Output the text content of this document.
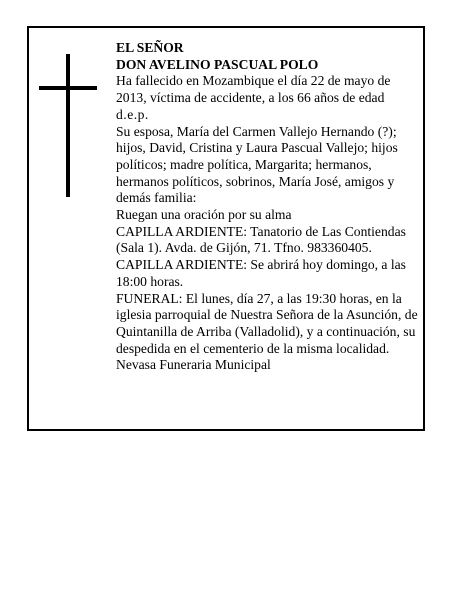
EL SEÑOR

DON AVELINO PASCUAL POLO

Ha fallecido en Mozambique el día 22 de mayo de 2013, víctima de accidente, a los 66 años de edad

d.e.p.

Su esposa, María del Carmen Vallejo Hernando (?); hijos, David, Cristina y Laura Pascual Vallejo; hijos políticos; madre política, Margarita; hermanos, hermanos políticos, sobrinos, María José, amigos y demás familia:

Ruegan una oración por su alma

CAPILLA ARDIENTE: Tanatorio de Las Contiendas (Sala 1). Avda. de Gijón, 71. Tfno. 983360405.

CAPILLA ARDIENTE: Se abrirá hoy domingo, a las 18:00 horas.

FUNERAL: El lunes, día 27, a las 19:30 horas, en la iglesia parroquial de Nuestra Señora de la Asunción, de Quintanilla de Arriba (Valladolid), y a continuación, su despedida en el cementerio de la misma localidad.

Nevasa Funeraria Municipal
